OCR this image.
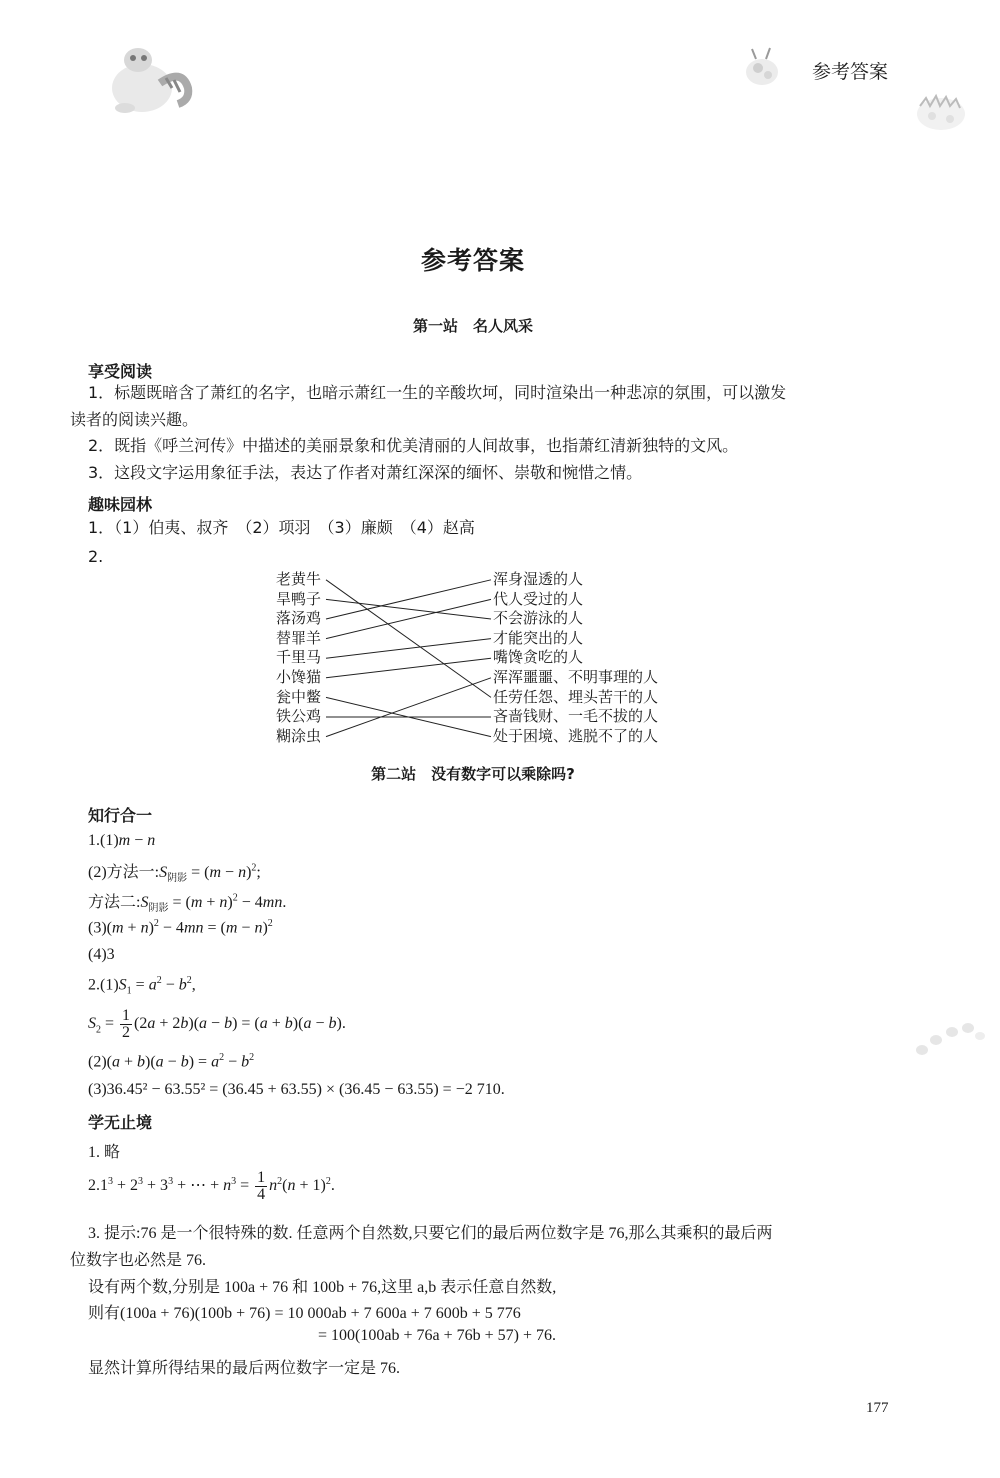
参考答案
参考答案
第一站　名人风采
享受阅读
1．标题既暗含了萧红的名字，也暗示萧红一生的辛酸坎坷，同时渲染出一种悲凉的氛围，可以激发
读者的阅读兴趣。
2．既指《呼兰河传》中描述的美丽景象和优美清丽的人间故事，也指萧红清新独特的文风。
3．这段文字运用象征手法，表达了作者对萧红深深的缅怀、崇敬和惋惜之情。
趣味园林
1．（1）伯夷、叔齐　（2）项羽　（3）廉颇　（4）赵高
2.
老黄牛
旱鸭子
落汤鸡
替罪羊
千里马
小馋猫
瓮中鳖
铁公鸡
糊涂虫
浑身湿透的人
代人受过的人
不会游泳的人
才能突出的人
嘴馋贪吃的人
浑浑噩噩、不明事理的人
任劳任怨、埋头苦干的人
吝啬钱财、一毛不拔的人
处于困境、逃脱不了的人
第二站　没有数字可以乘除吗?
知行合一
1.(1)m − n
(2)方法一$:S_{阴影} = (m - n)^2$;
方法二$:S_{阴影} = (m + n)^2 - 4mn$.
$(3)(m + n)^2 - 4mn = (m - n)^2$
(4)3
$2.(1)S_1 = a^2 - b^2$,
$S_2 = \frac{1}{2} (2a + 2b)(a - b) = (a + b)(a - b)$.
$(2)(a + b)(a - b) = a^2 - b^2$
(3)36.45² − 63.55² = (36.45 + 63.55) × (36.45 − 63.55) = −2 710.
学无止境
1. 略
$2.1^3 + 2^3 + 3^3$ + ⋯ + $n^3 = \frac{1}{4} n^2(n + 1)^2$.
3. 提示:76 是一个很特殊的数. 任意两个自然数,只要它们的最后两位数字是 76,那么其乘积的最后两
位数字也必然是 76.
设有两个数,分别是 100a + 76 和 100b + 76,这里 a,b 表示任意自然数,
则有(100a + 76)(100b + 76) = 10 000ab + 7 600a + 7 600b + 5 776
= 100(100ab + 76a + 76b + 57) + 76.
显然计算所得结果的最后两位数字一定是 76.
177
